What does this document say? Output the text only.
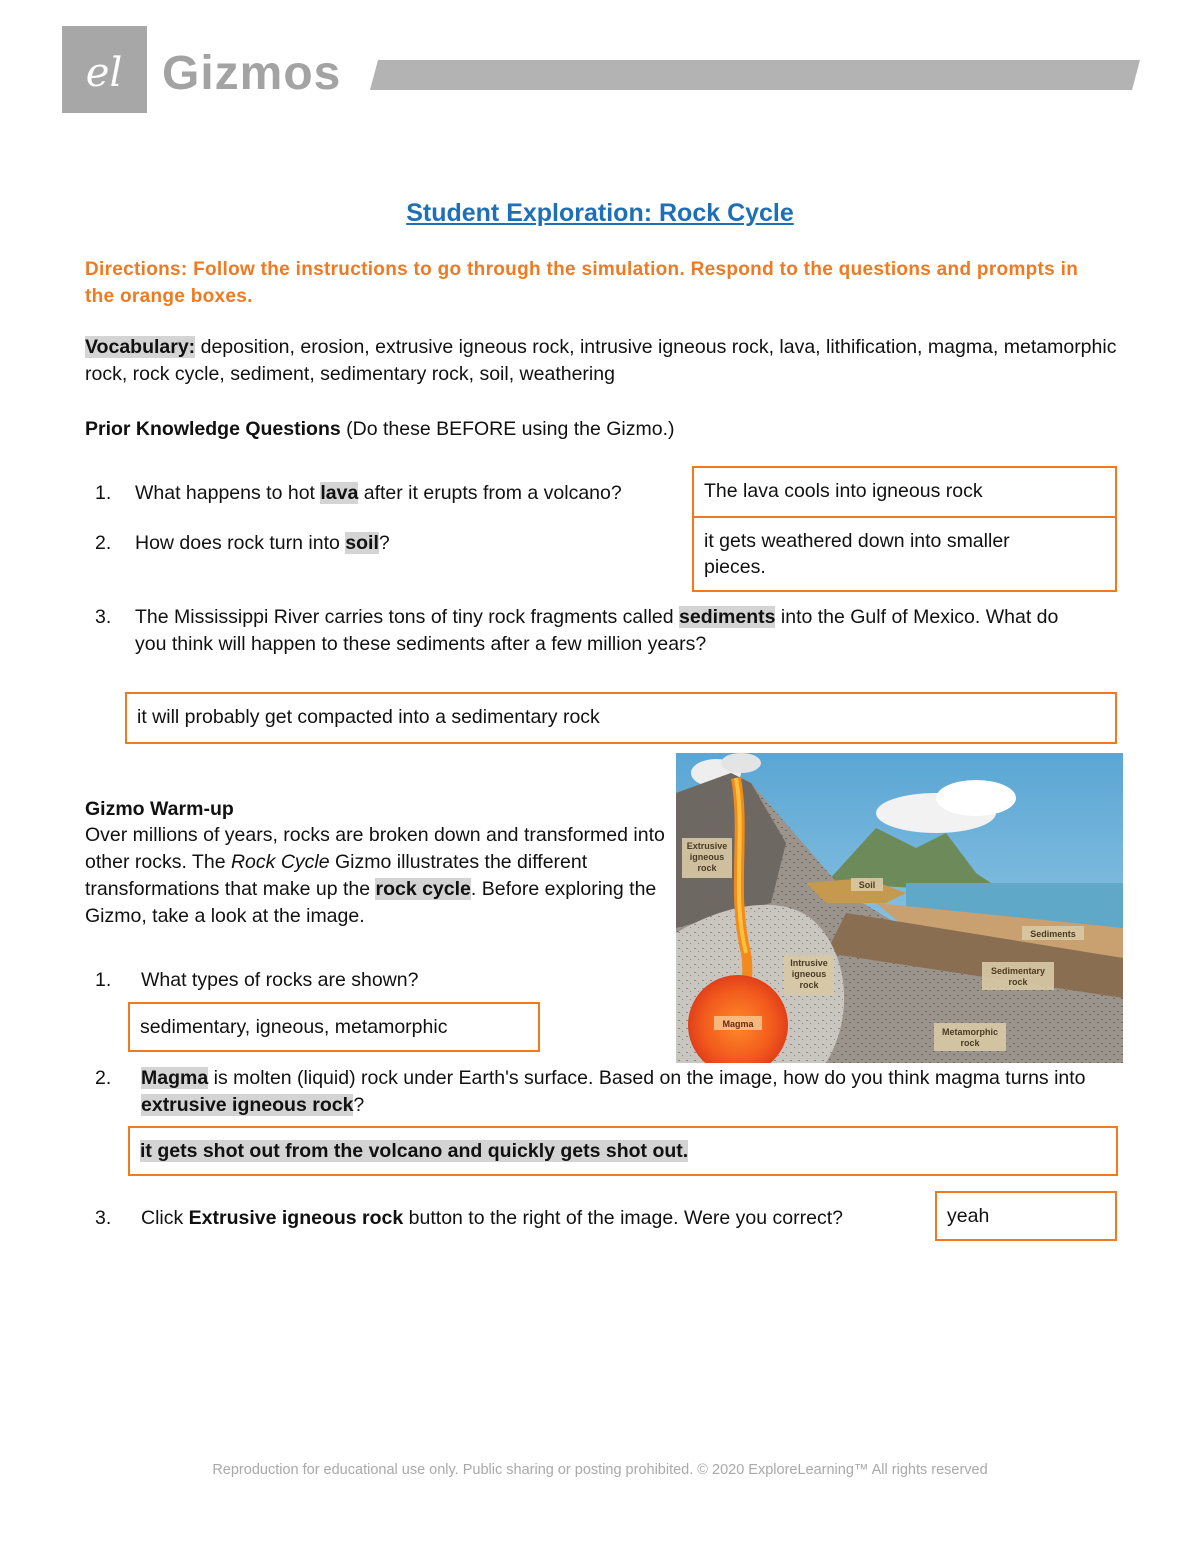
el Gizmos
Student Exploration: Rock Cycle
Directions: Follow the instructions to go through the simulation. Respond to the questions and prompts in the orange boxes.
Vocabulary: deposition, erosion, extrusive igneous rock, intrusive igneous rock, lava, lithification, magma, metamorphic rock, rock cycle, sediment, sedimentary rock, soil, weathering
Prior Knowledge Questions (Do these BEFORE using the Gizmo.)
1. What happens to hot lava after it erupts from a volcano?	The lava cools into igneous rock
2. How does rock turn into soil?	it gets weathered down into smaller pieces.
3. The Mississippi River carries tons of tiny rock fragments called sediments into the Gulf of Mexico. What do you think will happen to these sediments after a few million years?
it will probably get compacted into a sedimentary rock
Gizmo Warm-up
Over millions of years, rocks are broken down and transformed into other rocks. The Rock Cycle Gizmo illustrates the different transformations that make up the rock cycle. Before exploring the Gizmo, take a look at the image.
1. What types of rocks are shown?
sedimentary, igneous, metamorphic
2. Magma is molten (liquid) rock under Earth's surface. Based on the image, how do you think magma turns into extrusive igneous rock?
it gets shot out from the volcano and quickly gets shot out.
3. Click Extrusive igneous rock button to the right of the image. Were you correct?	yeah
Extrusive
igneous
rock
Soil
Sediments
Intrusive
igneous
rock
Sedimentary
rock
Magma
Metamorphic
rock
Reproduction for educational use only. Public sharing or posting prohibited. © 2020 ExploreLearning™ All rights reserved
